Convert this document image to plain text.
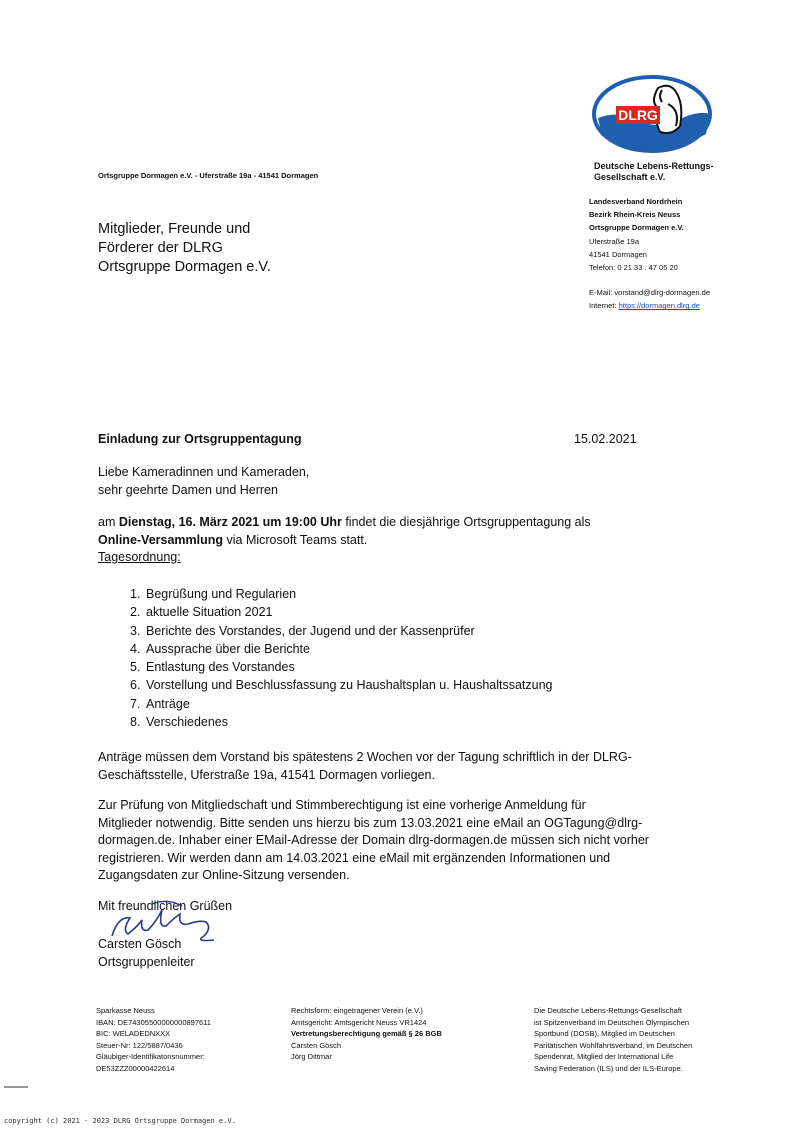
Ortsgruppe Dormagen e.V. - Uferstraße 19a - 41541 Dormagen
Mitglieder, Freunde und
Förderer der DLRG
Ortsgruppe Dormagen e.V.
DLRG
Deutsche Lebens-Rettungs-
Gesellschaft e.V.
Landesverband Nordrhein
Bezirk Rhein-Kreis Neuss
Ortsgruppe Dormagen e.V.
Uferstraße 19a
41541 Dormagen
Telefon: 0 21 33 . 47 05 20
E-Mail: vorstand@dlrg-dormagen.de
Internet: https://dormagen.dlrg.de
Einladung zur Ortsgruppentagung	15.02.2021
Liebe Kameradinnen und Kameraden,
sehr geehrte Damen und Herren
am Dienstag, 16. März 2021 um 19:00 Uhr findet die diesjährige Ortsgruppentagung als
Online-Versammlung via Microsoft Teams statt.
Tagesordnung:
1. Begrüßung und Regularien
2. aktuelle Situation 2021
3. Berichte des Vorstandes, der Jugend und der Kassenprüfer
4. Aussprache über die Berichte
5. Entlastung des Vorstandes
6. Vorstellung und Beschlussfassung zu Haushaltsplan u. Haushaltssatzung
7. Anträge
8. Verschiedenes
Anträge müssen dem Vorstand bis spätestens 2 Wochen vor der Tagung schriftlich in der DLRG-
Geschäftsstelle, Uferstraße 19a, 41541 Dormagen vorliegen.
Zur Prüfung von Mitgliedschaft und Stimmberechtigung ist eine vorherige Anmeldung für
Mitglieder notwendig. Bitte senden uns hierzu bis zum 13.03.2021 eine eMail an OGTagung@dlrg-
dormagen.de. Inhaber einer EMail-Adresse der Domain dlrg-dormagen.de müssen sich nicht vorher
registrieren. Wir werden dann am 14.03.2021 eine eMail mit ergänzenden Informationen und
Zugangsdaten zur Online-Sitzung versenden.
Mit freundlichen Grüßen
Carsten Gösch
Ortsgruppenleiter
Sparkasse Neuss
IBAN: DE74305500000000897611
BIC: WELADEDNXXX
Steuer-Nr: 122/5887/0436
Gläubiger-Identifikatonsnummer:
DE53ZZZ00000422614
Rechtsform: eingetragener Verein (e.V.)
Amtsgericht: Amtsgericht Neuss VR1424
Vertretungsberechtigung gemäß § 26 BGB
Carsten Gösch
Jörg Dittmar
Die Deutsche Lebens-Rettungs-Gesellschaft
ist Spitzenverband im Deutschen Olympischen
Sportbund (DOSB), Mitglied im Deutschen
Paritätischen Wohlfahrtsverband, im Deutschen
Spendenrat, Mitglied der International Life
Saving Federation (ILS) und der ILS-Europe.
copyright (c) 2021 - 2023 DLRG Ortsgruppe Dormagen e.V.
